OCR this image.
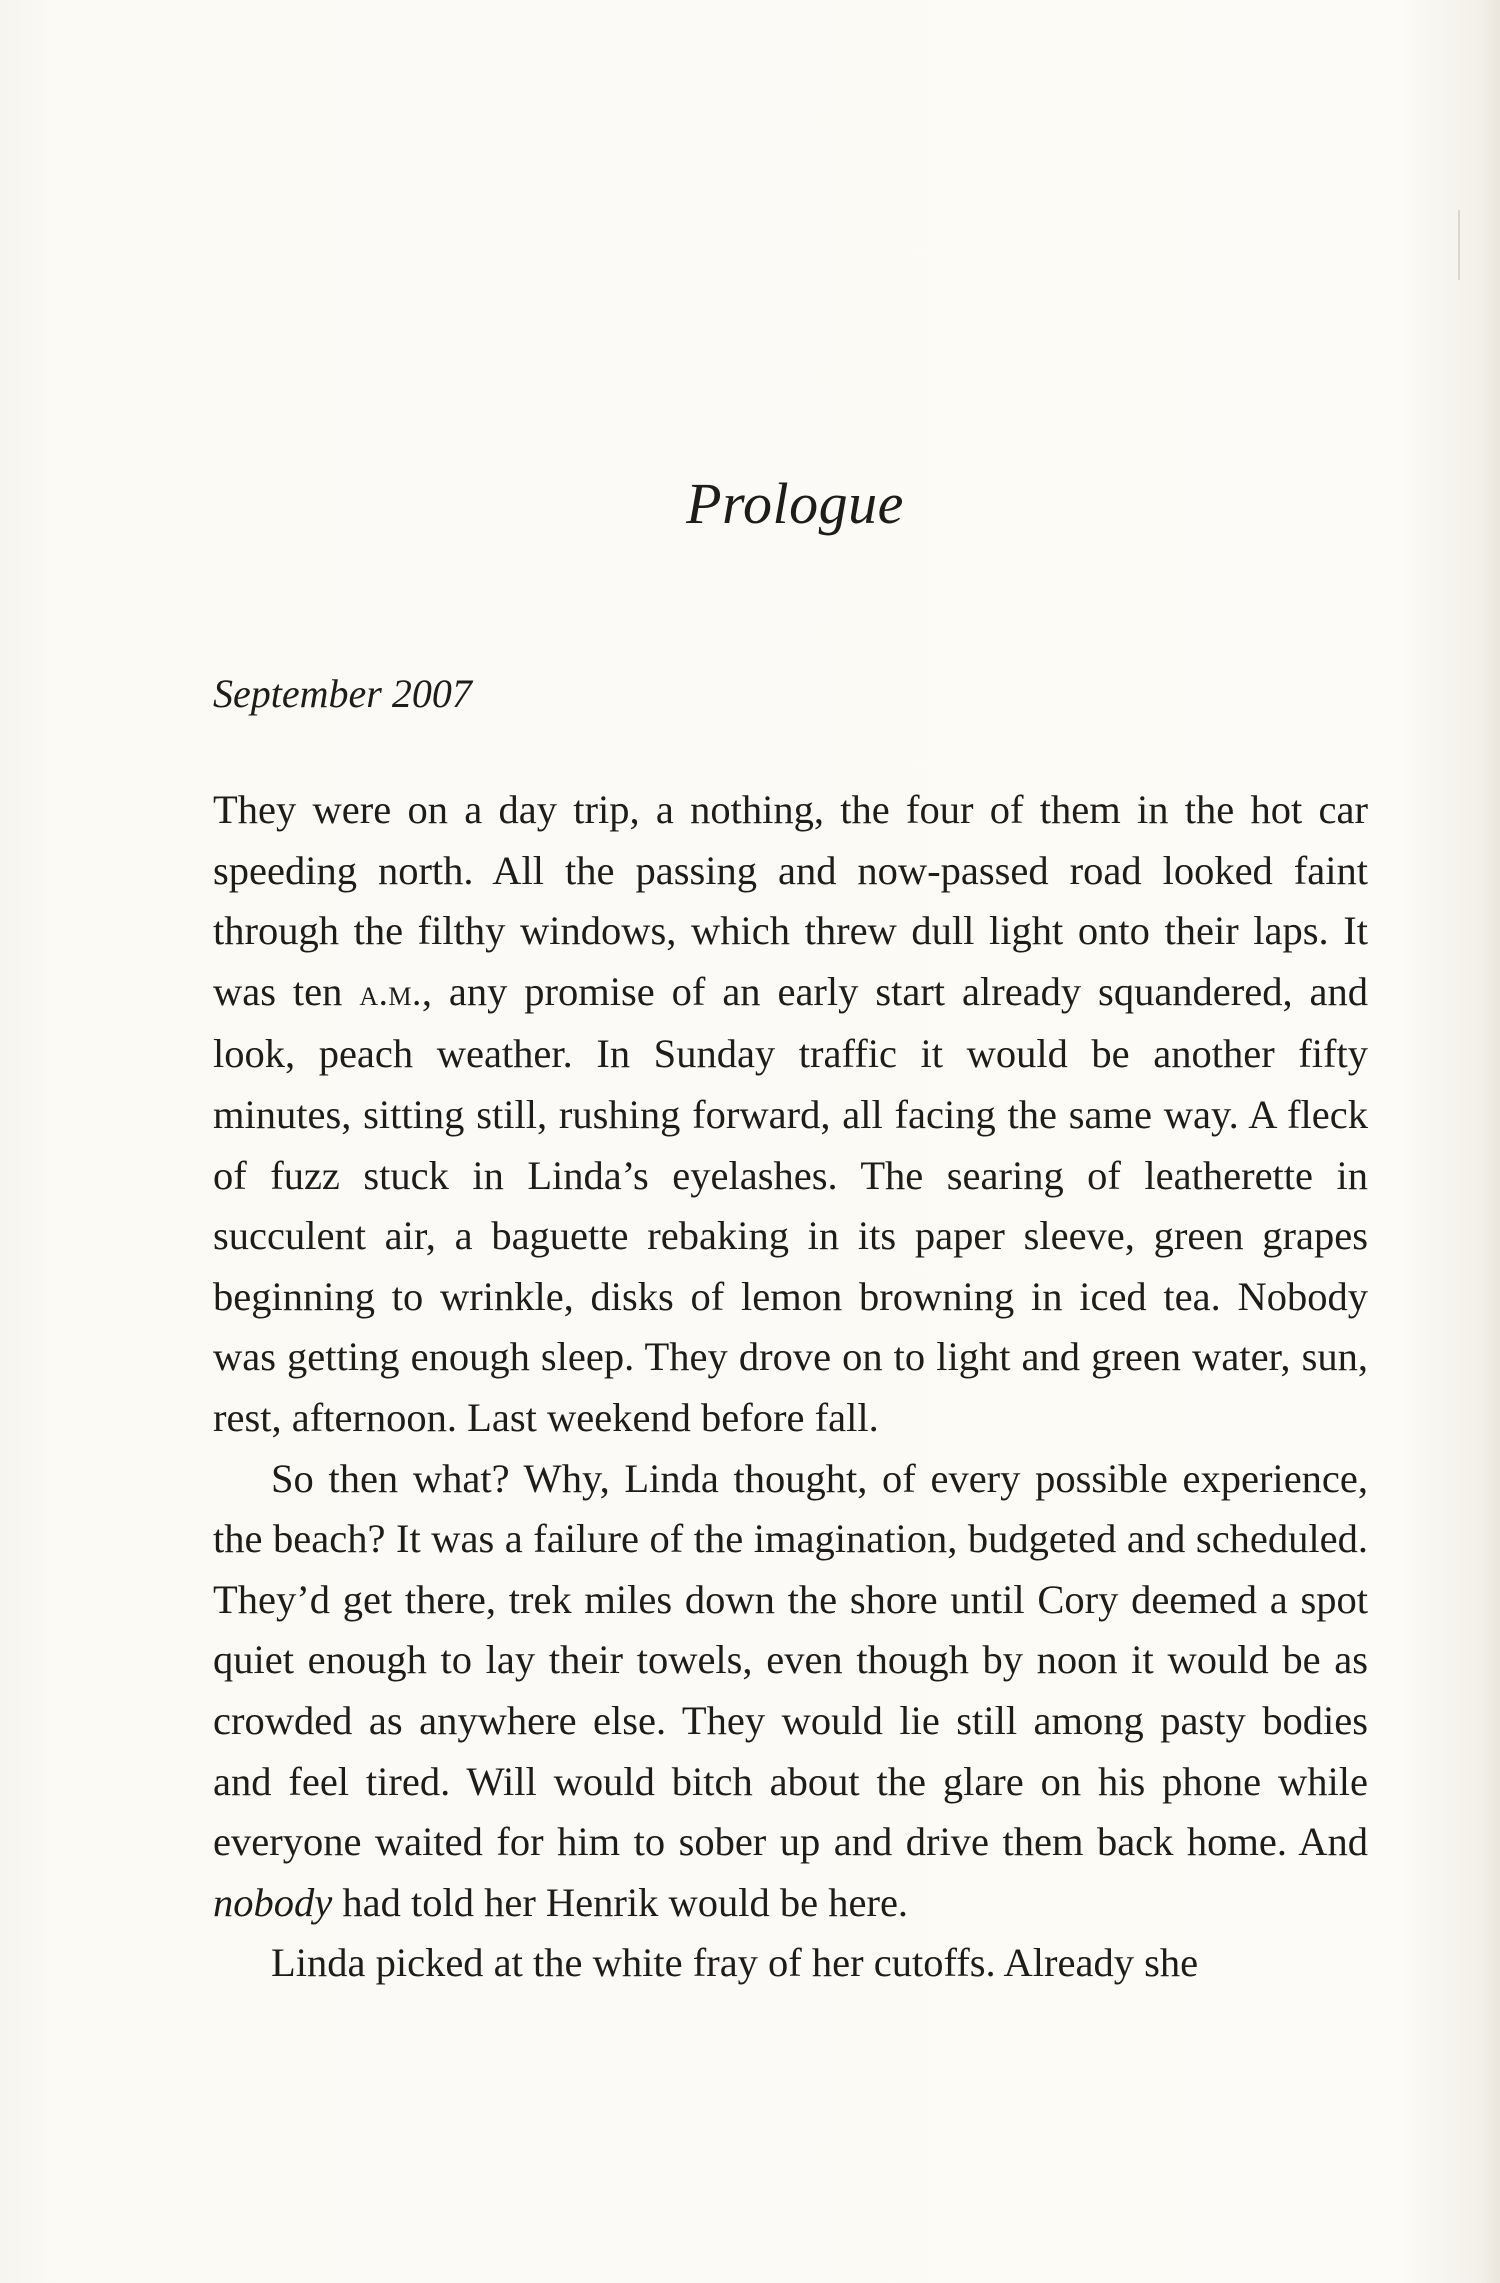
Prologue
September 2007

They were on a day trip, a nothing, the four of them in the hot car speeding north. All the passing and now-passed road looked faint through the filthy windows, which threw dull light onto their laps. It was ten a.m., any promise of an early start already squandered, and look, peach weather. In Sunday traffic it would be another fifty minutes, sitting still, rushing forward, all facing the same way. A fleck of fuzz stuck in Linda’s eyelashes. The searing of leatherette in succulent air, a baguette rebaking in its paper sleeve, green grapes beginning to wrinkle, disks of lemon browning in iced tea. Nobody was getting enough sleep. They drove on to light and green water, sun, rest, afternoon. Last weekend before fall.

So then what? Why, Linda thought, of every possible experience, the beach? It was a failure of the imagination, budgeted and scheduled. They’d get there, trek miles down the shore until Cory deemed a spot quiet enough to lay their towels, even though by noon it would be as crowded as anywhere else. They would lie still among pasty bodies and feel tired. Will would bitch about the glare on his phone while everyone waited for him to sober up and drive them back home. And nobody had told her Henrik would be here.

Linda picked at the white fray of her cutoffs. Already she
